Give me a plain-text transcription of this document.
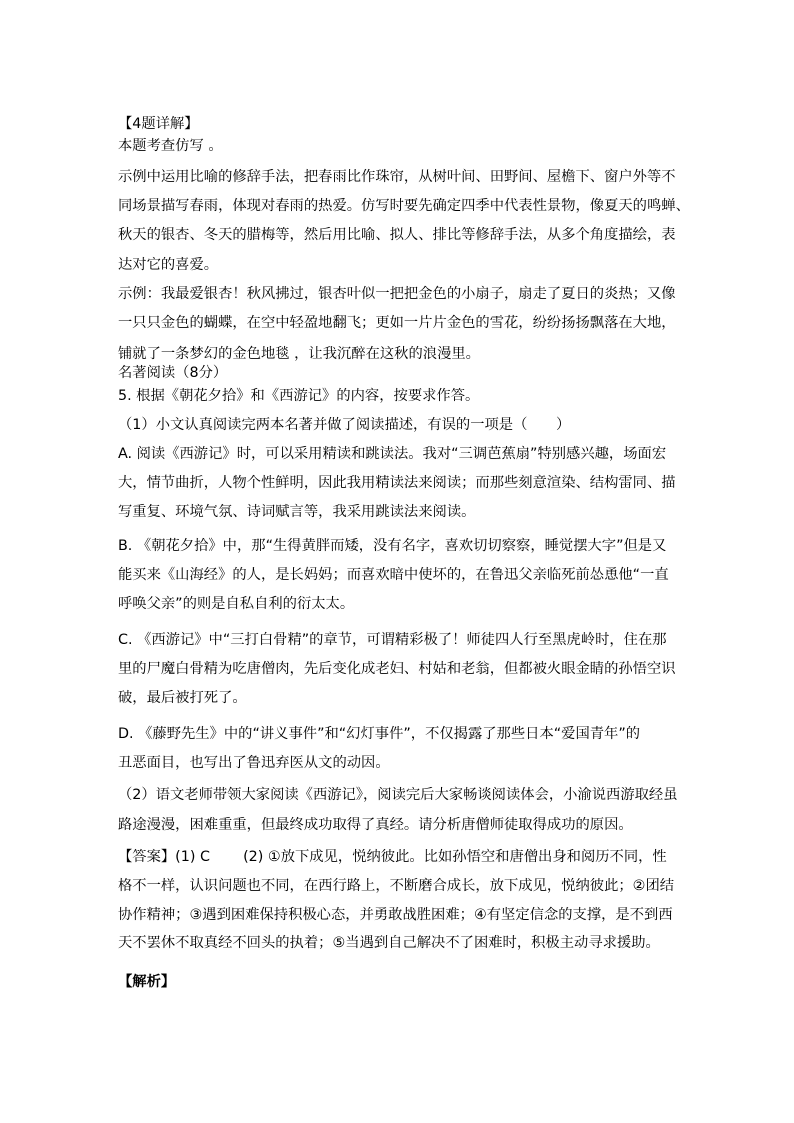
【4题详解】
本题考查仿写 。
示例中运用比喻的修辞手法，把春雨比作珠帘，从树叶间、田野间、屋檐下、窗户外等不
同场景描写春雨，体现对春雨的热爱。仿写时要先确定四季中代表性景物，像夏天的鸣蝉、
秋天的银杏、冬天的腊梅等，然后用比喻、拟人、排比等修辞手法，从多个角度描绘，表
达对它的喜爱。
示例：我最爱银杏！秋风拂过，银杏叶似一把把金色的小扇子，扇走了夏日的炎热；又像
一只只金色的蝴蝶，在空中轻盈地翻飞；更如一片片金色的雪花，纷纷扬扬飘落在大地，
铺就了一条梦幻的金色地毯 ，让我沉醉在这秋的浪漫里。
名著阅读（8分）
5. 根据《朝花夕拾》和《西游记》的内容，按要求作答。
（1）小文认真阅读完两本名著并做了阅读描述，有误的一项是（　　）
A. 阅读《西游记》时，可以采用精读和跳读法。我对“三调芭蕉扇”特别感兴趣，场面宏
大，情节曲折，人物个性鲜明，因此我用精读法来阅读；而那些刻意渲染、结构雷同、描
写重复、环境气氛、诗词赋言等，我采用跳读法来阅读。
B. 《朝花夕拾》中，那“生得黄胖而矮，没有名字，喜欢切切察察，睡觉摆大字”但是又
能买来《山海经》的人，是长妈妈；而喜欢暗中使坏的，在鲁迅父亲临死前怂恿他“一直
呼唤父亲”的则是自私自利的衍太太。
C. 《西游记》中“三打白骨精”的章节，可谓精彩极了！师徒四人行至黑虎岭时，住在那
里的尸魔白骨精为吃唐僧肉，先后变化成老妇、村姑和老翁，但都被火眼金睛的孙悟空识
破，最后被打死了。
D. 《藤野先生》中的“讲义事件”和“幻灯事件”，不仅揭露了那些日本“爱国青年”的
丑恶面目，也写出了鲁迅弃医从文的动因。
（2）语文老师带领大家阅读《西游记》，阅读完后大家畅谈阅读体会，小渝说西游取经虽
路途漫漫，困难重重，但最终成功取得了真经。请分析唐僧师徒取得成功的原因。
【答案】(1) C　　 (2) ①放下成见，悦纳彼此。比如孙悟空和唐僧出身和阅历不同，性
格不一样，认识问题也不同，在西行路上，不断磨合成长，放下成见，悦纳彼此；②团结
协作精神；③遇到困难保持积极心态，并勇敢战胜困难；④有坚定信念的支撑，是不到西
天不罢休不取真经不回头的执着；⑤当遇到自己解决不了困难时，积极主动寻求援助。
【解析】
